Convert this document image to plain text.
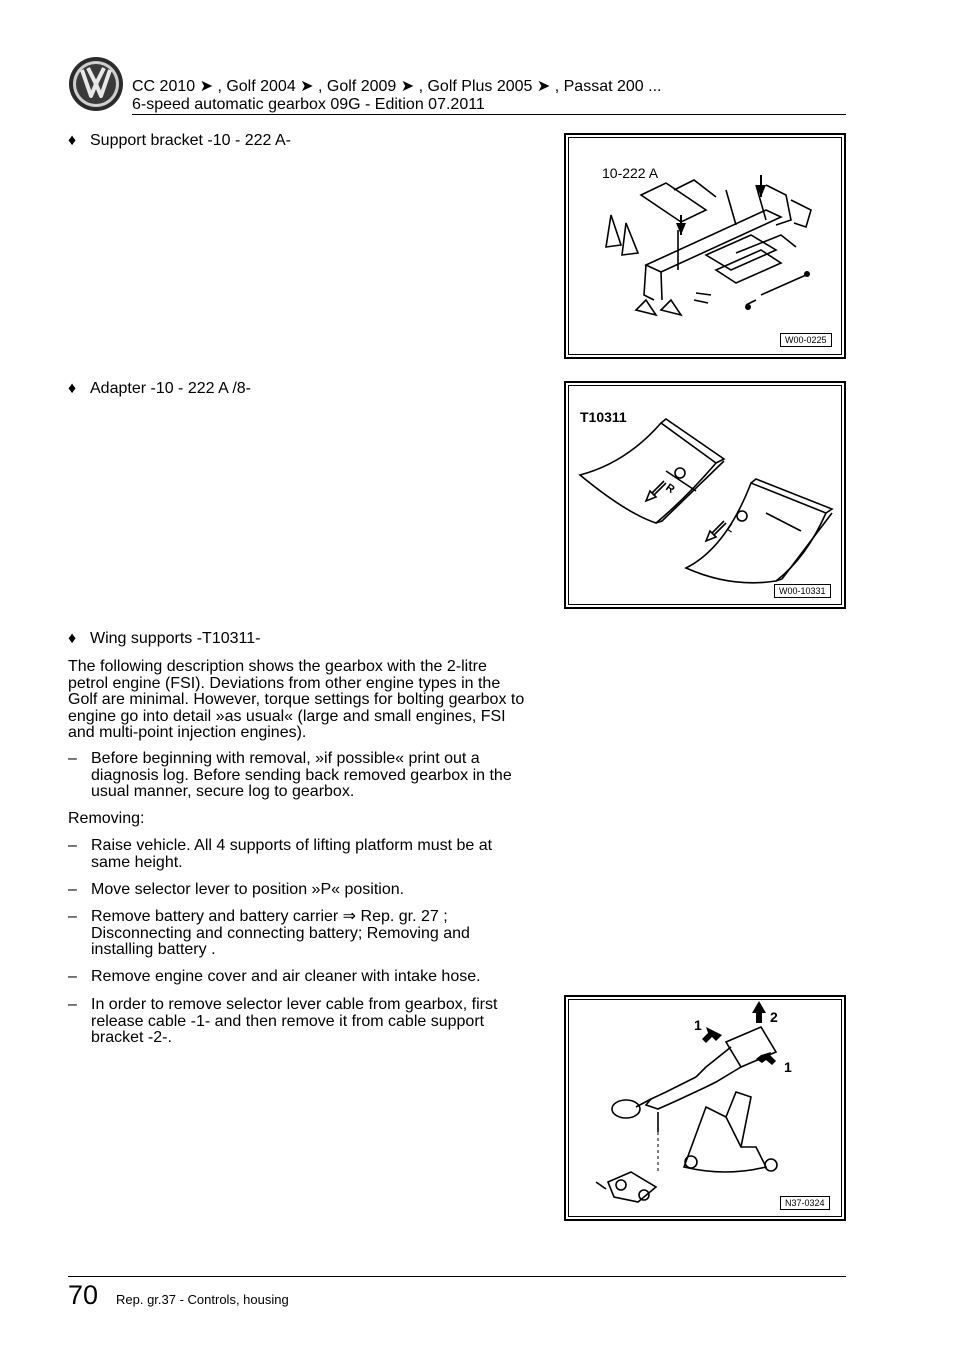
CC 2010 ➤ , Golf 2004 ➤ , Golf 2009 ➤ , Golf Plus 2005 ➤ , Passat 200 ...
6-speed automatic gearbox 09G - Edition 07.2011
♦ Support bracket -10 - 222 A-
10-222 A
W00-0225
♦ Adapter -10 - 222 A /8-
T10311
R
L
W00-10331
♦ Wing supports -T10311-
The following description shows the gearbox with the 2-litre petrol engine (FSI). Deviations from other engine types in the Golf are minimal. However, torque settings for bolting gearbox to engine go into detail »as usual« (large and small engines, FSI and multi-point injection engines).
– Before beginning with removal, »if possible« print out a diagnosis log. Before sending back removed gearbox in the usual manner, secure log to gearbox.
Removing:
– Raise vehicle. All 4 supports of lifting platform must be at same height.
– Move selector lever to position »P« position.
– Remove battery and battery carrier ⇒ Rep. gr. 27 ; Disconnecting and connecting battery; Removing and installing battery .
– Remove engine cover and air cleaner with intake hose.
– In order to remove selector lever cable from gearbox, first release cable -1- and then remove it from cable support bracket -2-.
1
1
2
N37-0324
70 Rep. gr.37 - Controls, housing
